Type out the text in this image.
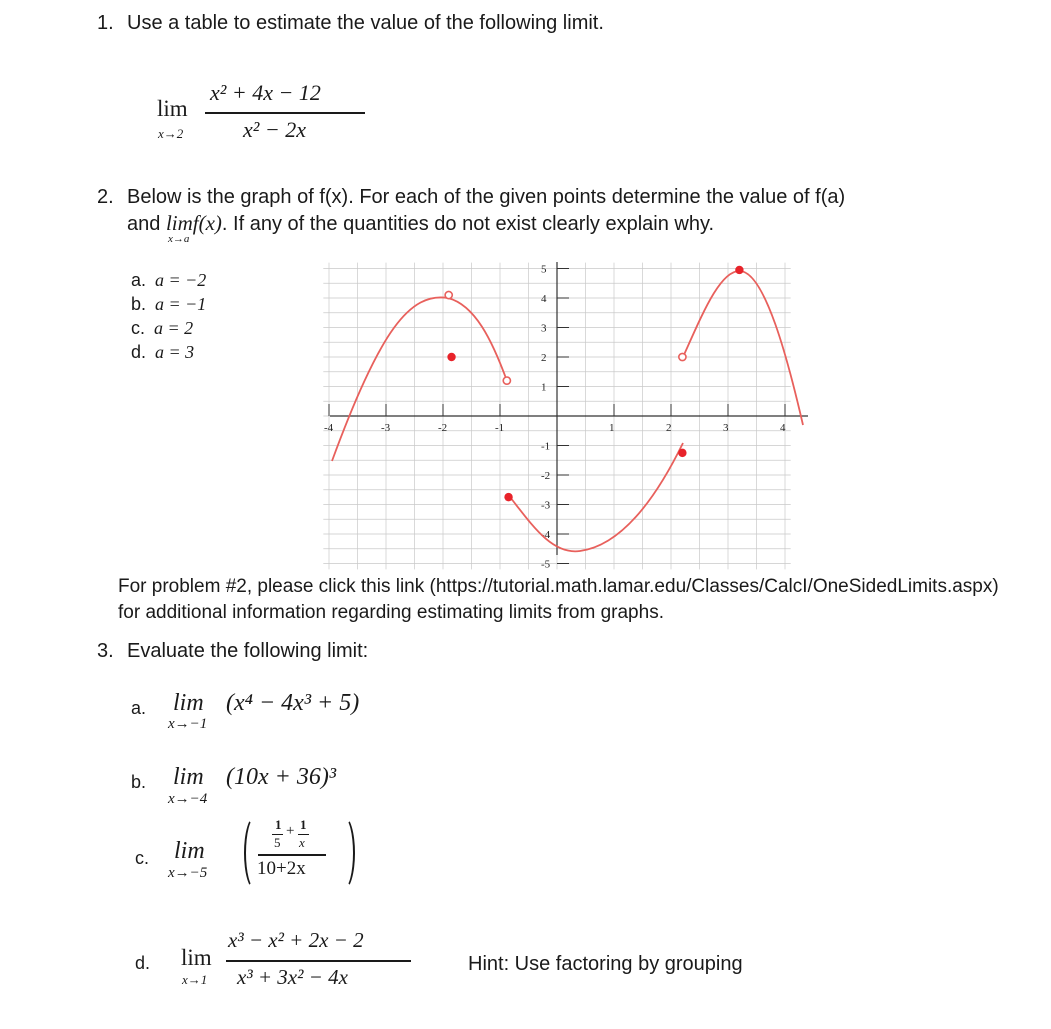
1. Use a table to estimate the value of the following limit.
lim
x→2
x² + 4x − 12
x² − 2x
2. Below is the graph of f(x). For each of the given points determine the value of f(a)
and limf(x). If any of the quantities do not exist clearly explain why.
x→a
a. a = −2
b. a = −1
c. a = 2
d. a = 3
-4	-3	-2	-1	1	2	3	4
5
4
3
2
1
-1
-2
-3
-4
-5
For problem #2, please click this link (https://tutorial.math.lamar.edu/Classes/CalcI/OneSidedLimits.aspx)
for additional information regarding estimating limits from graphs.
3. Evaluate the following limit:
a. lim
x→−1
(x⁴ − 4x³ + 5)
b. lim
x→−4
(10x + 36)³
c. lim
x→−5
1 + 1
5 x
10+2x
d. lim
x→1
x³ − x² + 2x − 2
x³ + 3x² − 4x
Hint: Use factoring by grouping
